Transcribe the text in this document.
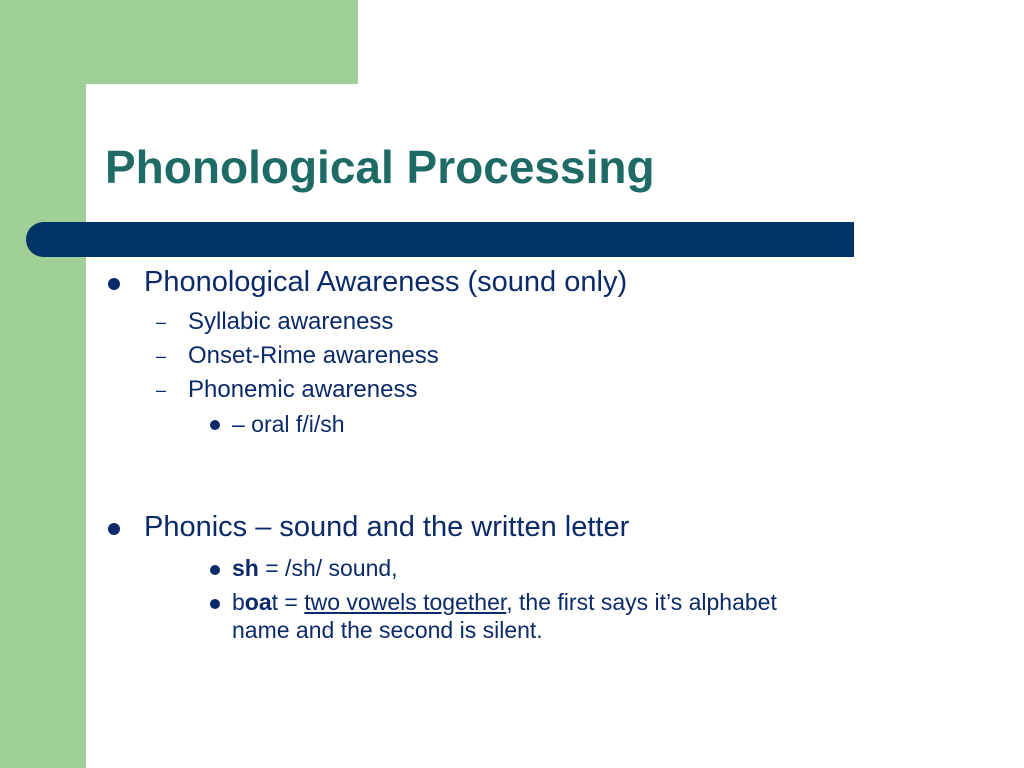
Phonological Processing
Phonological Awareness (sound only)
– Syllabic awareness
– Onset-Rime awareness
– Phonemic awareness
– oral f/i/sh
Phonics – sound and the written letter
sh = /sh/ sound,
boat = two vowels together, the first says it’s alphabet
name and the second is silent.
